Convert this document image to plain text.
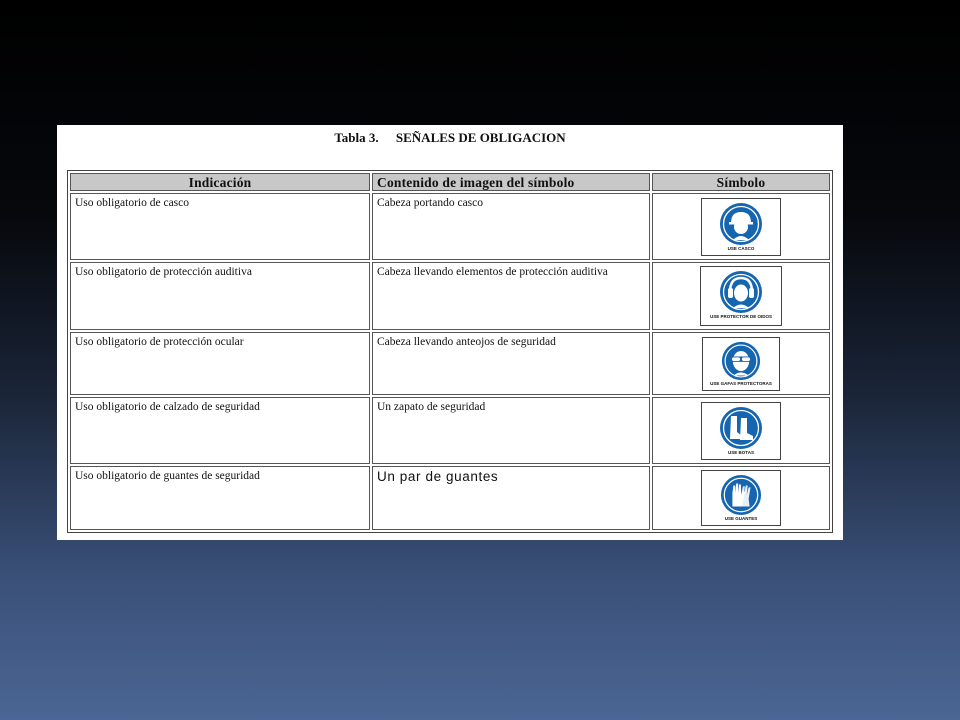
Tabla 3. SEÑALES DE OBLIGACION
Indicación	Contenido de imagen del símbolo	Símbolo
Uso obligatorio de casco	Cabeza portando casco	USE CASCO

Uso obligatorio de protección auditiva	Cabeza llevando elementos de protección auditiva	USE PROTECTOR DE OIDOS

Uso obligatorio de protección ocular	Cabeza llevando anteojos de seguridad	USE GAFAS PROTECTORAS

Uso obligatorio de calzado de seguridad	Un zapato de seguridad	USE BOTAS

Uso obligatorio de guantes de seguridad	Un par de guantes	USE GUANTES
